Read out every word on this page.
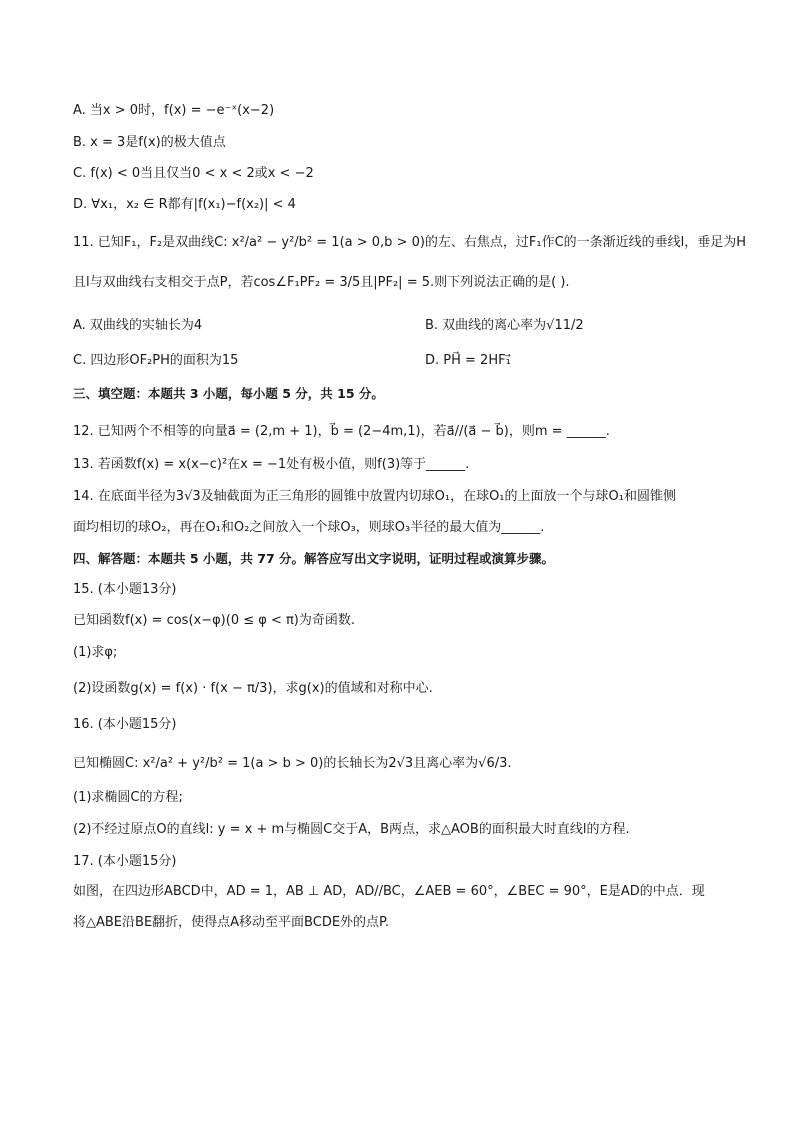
A. 当x > 0时，f(x) = −e⁻ˣ(x−2)
B. x = 3是f(x)的极大值点
C. f(x) < 0当且仅当0 < x < 2或x < −2
D. ∀x₁，x₂ ∈ R都有|f(x₁)−f(x₂)| < 4
11. 已知F₁，F₂是双曲线C: x²/a² − y²/b² = 1(a > 0,b > 0)的左、右焦点，过F₁作C的一条渐近线的垂线l，垂足为H
且l与双曲线右支相交于点P，若cos∠F₁PF₂ = 3/5且|PF₂| = 5.则下列说法正确的是( ).
A. 双曲线的实轴长为4	B. 双曲线的离心率为√11/2
C. 四边形OF₂PH的面积为15	D. PH⃗ = 2HF₁⃗
三、填空题：本题共 3 小题，每小题 5 分，共 15 分。
12. 已知两个不相等的向量a⃗ = (2,m + 1)，b⃗ = (2−4m,1)，若a⃗//(a⃗ − b⃗)，则m = ______.
13. 若函数f(x) = x(x−c)²在x = −1处有极小值，则f(3)等于______.
14. 在底面半径为3√3及轴截面为正三角形的圆锥中放置内切球O₁，在球O₁的上面放一个与球O₁和圆锥侧
面均相切的球O₂，再在O₁和O₂之间放入一个球O₃，则球O₃半径的最大值为______.
四、解答题：本题共 5 小题，共 77 分。解答应写出文字说明，证明过程或演算步骤。
15. (本小题13分)
已知函数f(x) = cos(x−φ)(0 ≤ φ < π)为奇函数.
(1)求φ;
(2)设函数g(x) = f(x) · f(x − π/3)，求g(x)的值域和对称中心.
16. (本小题15分)
已知椭圆C: x²/a² + y²/b² = 1(a > b > 0)的长轴长为2√3且离心率为√6/3.
(1)求椭圆C的方程;
(2)不经过原点O的直线l: y = x + m与椭圆C交于A，B两点，求△AOB的面积最大时直线l的方程.
17. (本小题15分)
如图，在四边形ABCD中，AD = 1，AB ⊥ AD，AD//BC，∠AEB = 60°，∠BEC = 90°，E是AD的中点．现
将△ABE沿BE翻折，使得点A移动至平面BCDE外的点P.
